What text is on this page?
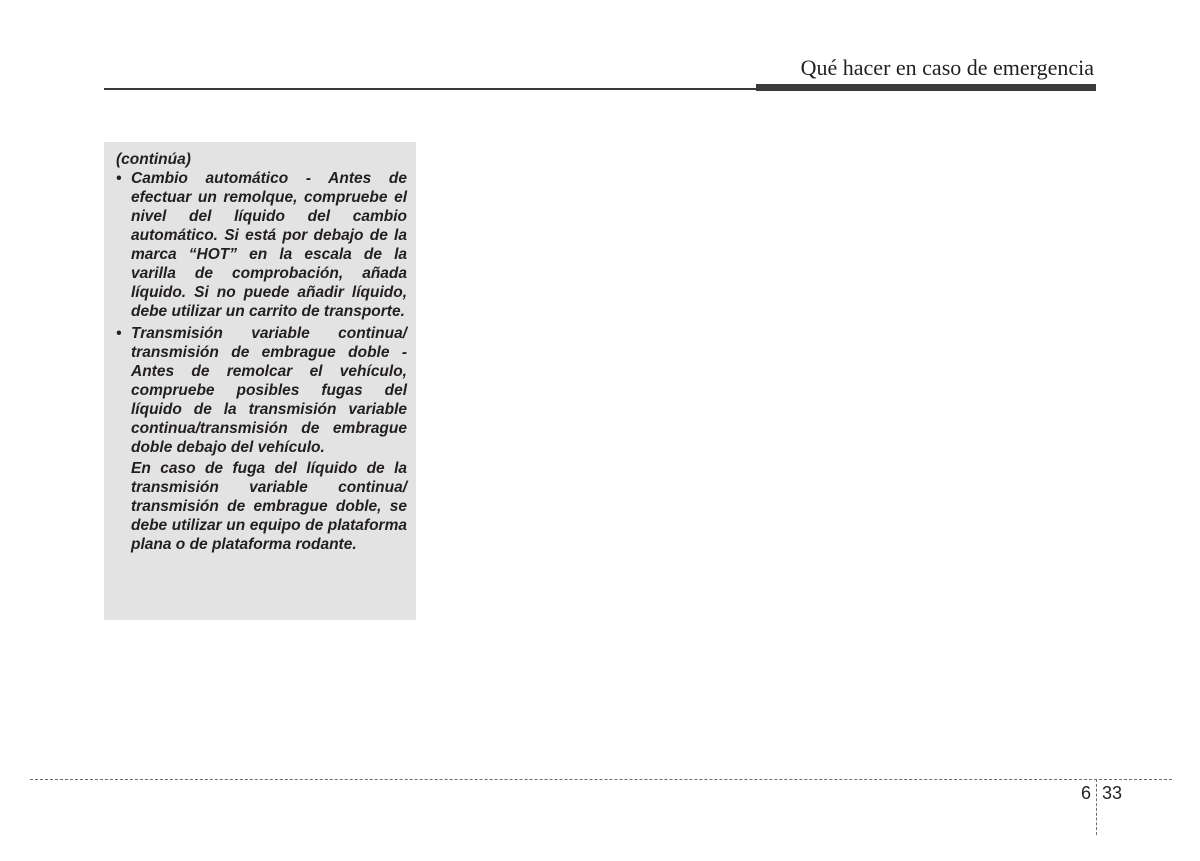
Qué hacer en caso de emergencia

(continúa)

• Cambio automático - Antes de efectuar un remolque, compruebe el nivel del líquido del cambio automático. Si está por debajo de la marca “HOT” en la escala de la varilla de comprobación, añada líquido. Si no puede añadir líquido, debe utilizar un carrito de transporte.

• Transmisión variable continua/ transmisión de embrague doble - Antes de remolcar el vehículo, compruebe posibles fugas del líquido de la transmisión variable continua/transmisión de embrague doble debajo del vehículo.

En caso de fuga del líquido de la transmisión variable continua/ transmisión de embrague doble, se debe utilizar un equipo de plataforma plana o de plataforma rodante.

6 33
